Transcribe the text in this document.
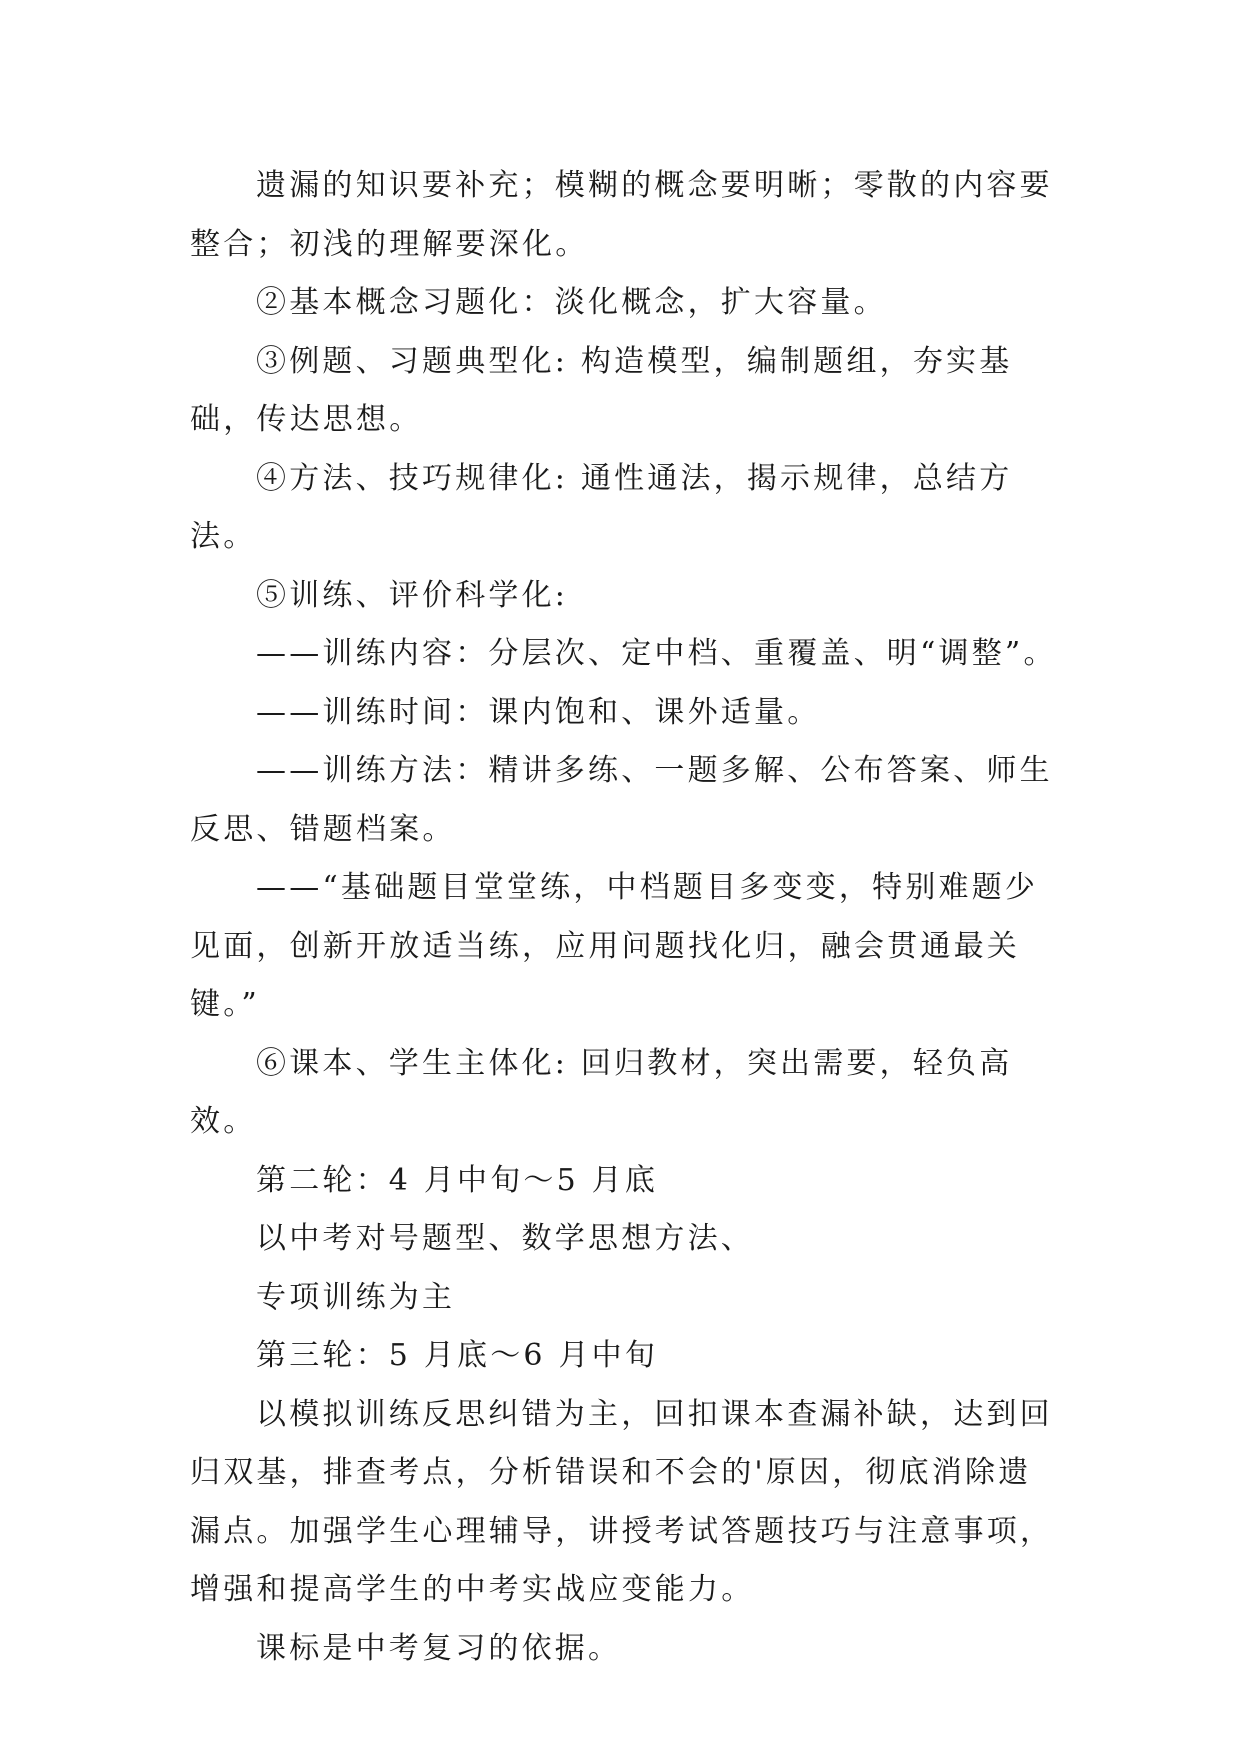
遗漏的知识要补充；模糊的概念要明晰；零散的内容要整合；初浅的理解要深化。

②基本概念习题化：淡化概念，扩大容量。

③例题、习题典型化: 构造模型，编制题组，夯实基础，传达思想。

④方法、技巧规律化: 通性通法，揭示规律，总结方法。

⑤训练、评价科学化:

——训练内容：分层次、定中档、重覆盖、明“调整”。

——训练时间：课内饱和、课外适量。

——训练方法：精讲多练、一题多解、公布答案、师生反思、错题档案。

——“基础题目堂堂练，中档题目多变变，特别难题少见面，创新开放适当练，应用问题找化归，融会贯通最关键。”

⑥课本、学生主体化: 回归教材，突出需要，轻负高效。

第二轮：4 月中旬～5 月底

以中考对号题型、数学思想方法、

专项训练为主

第三轮：5 月底～6 月中旬

以模拟训练反思纠错为主，回扣课本查漏补缺，达到回归双基，排查考点，分析错误和不会的'原因，彻底消除遗漏点。加强学生心理辅导，讲授考试答题技巧与注意事项，增强和提高学生的中考实战应变能力。

课标是中考复习的依据。
